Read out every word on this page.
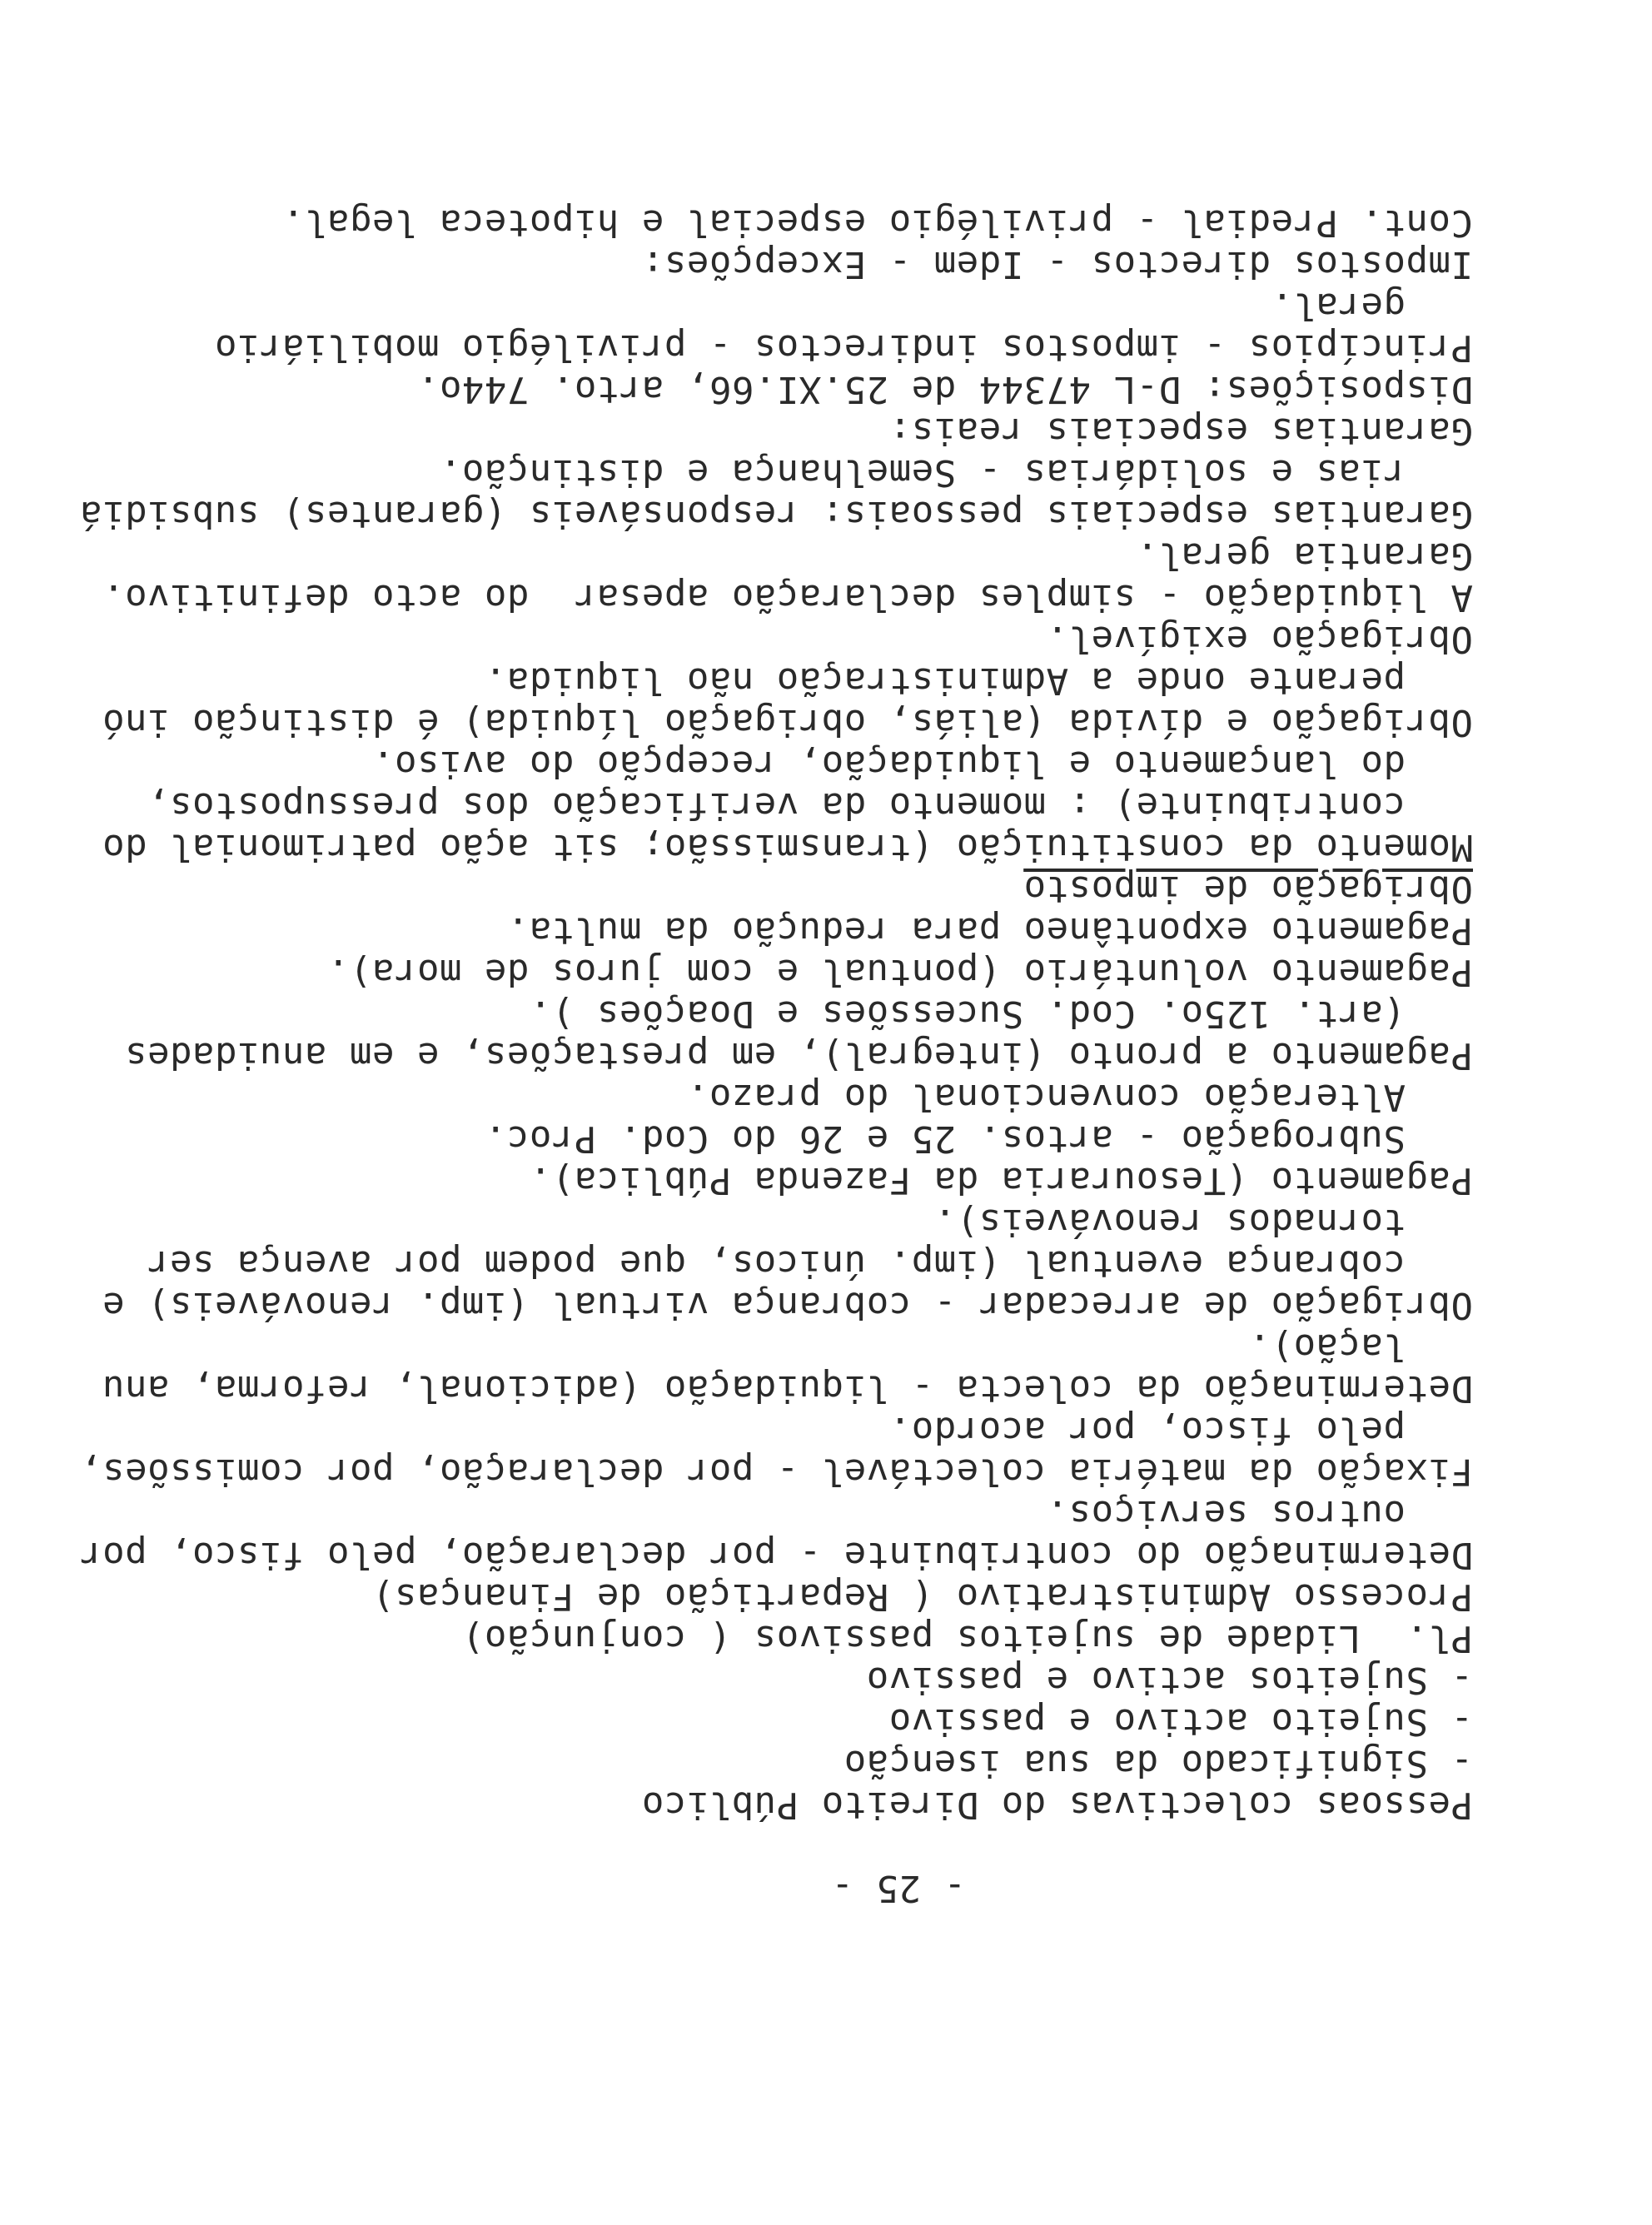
- 25 -
Pessoas colectivas do Direito Público
- Significado da sua isenção
- Sujeito activo e passivo
- Sujeitos activo e passivo
Pl.  Lidade de sujeitos passivos ( conjunção)
Processo Administrativo ( Repartição de Finanças)
Determinação do contribuinte - por declaração, pelo fisco, por
outros serviços.
Fixação da matéria colectável - por declaração, por comissões,
pelo fisco, por acordo.
Determinação da colecta - liquidação (adicional, reforma, anu
lação).
Obrigação de arrecadar - cobrança virtual (imp. renováveis) e
cobrança eventual (imp. únicos, que podem por avença ser
tornados renováveis).
Pagamento (Tesouraria da Fazenda Pública).
Subrogação - artos. 25 e 26 do Cod. Proc.
Alteração convencional do prazo.
Pagamento a pronto (integral), em prestações, e em anuidades
(art. 125o. Cod. Sucessões e Doações ).
Pagamento voluntário (pontual e com juros de mora).
Pagamento expontâneo para redução da multa.
Obrigação de imposto
Momento da constituição (transmissão; sit ação patrimonial do
contribuinte) : momento da verificação dos pressupostos,
do lançamento e liquidação, recepção do aviso.
Obrigação e dívida (aliás, obrigação líquida) é distinção inó
perante onde a Administração não liquida.
Obrigação exigível.
A liquidação - simples declaração apesar  do acto definitivo.
Garantia geral.
Garantias especiais pessoais: responsáveis (garantes) subsidiá
rias e solidárias - Semelhança e distinção.
Garantias especiais reais:
Disposições: D-L 47344 de 25.XI.66, arto. 744o.
Princípios - impostos indirectos - privilégio mobiliário
geral.
Impostos directos - Idem - Excepções:
Cont. Predial - privilégio especial e hipoteca legal.
